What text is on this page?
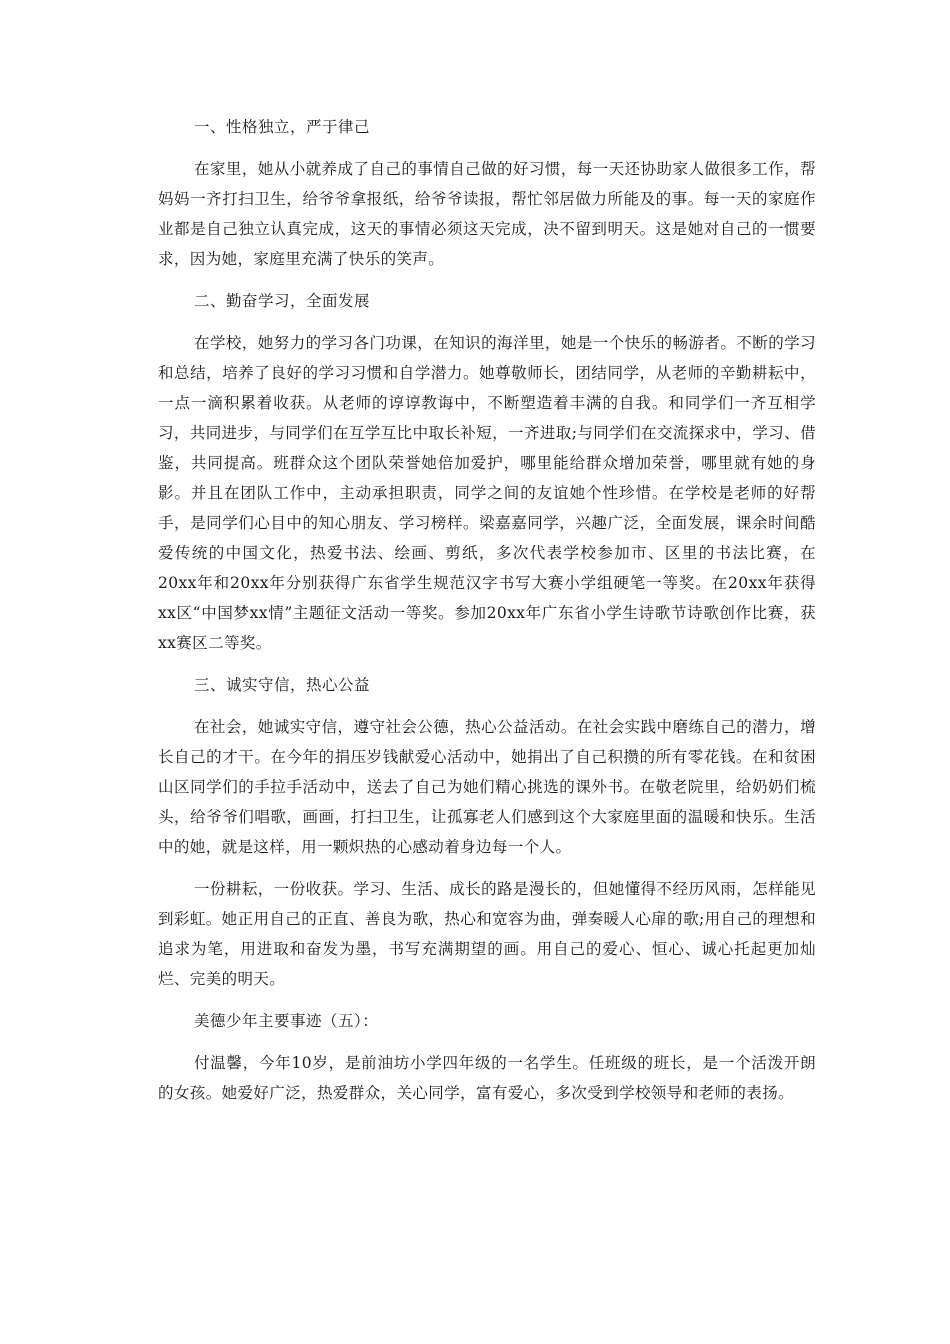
一、性格独立，严于律己

在家里，她从小就养成了自己的事情自己做的好习惯，每一天还协助家人做很多工作，帮妈妈一齐打扫卫生，给爷爷拿报纸，给爷爷读报，帮忙邻居做力所能及的事。每一天的家庭作业都是自己独立认真完成，这天的事情必须这天完成，决不留到明天。这是她对自己的一惯要求，因为她，家庭里充满了快乐的笑声。

二、勤奋学习，全面发展

在学校，她努力的学习各门功课，在知识的海洋里，她是一个快乐的畅游者。不断的学习和总结，培养了良好的学习习惯和自学潜力。她尊敬师长，团结同学，从老师的辛勤耕耘中，一点一滴积累着收获。从老师的谆谆教诲中，不断塑造着丰满的自我。和同学们一齐互相学习，共同进步，与同学们在互学互比中取长补短，一齐进取;与同学们在交流探求中，学习、借鉴，共同提高。班群众这个团队荣誉她倍加爱护，哪里能给群众增加荣誉，哪里就有她的身影。并且在团队工作中，主动承担职责，同学之间的友谊她个性珍惜。在学校是老师的好帮手，是同学们心目中的知心朋友、学习榜样。梁嘉嘉同学，兴趣广泛，全面发展，课余时间酷爱传统的中国文化，热爱书法、绘画、剪纸，多次代表学校参加市、区里的书法比赛，在20xx年和20xx年分别获得广东省学生规范汉字书写大赛小学组硬笔一等奖。在20xx年获得xx区“中国梦xx情”主题征文活动一等奖。参加20xx年广东省小学生诗歌节诗歌创作比赛，获xx赛区二等奖。

三、诚实守信，热心公益

在社会，她诚实守信，遵守社会公德，热心公益活动。在社会实践中磨练自己的潜力，增长自己的才干。在今年的捐压岁钱献爱心活动中，她捐出了自己积攒的所有零花钱。在和贫困山区同学们的手拉手活动中，送去了自己为她们精心挑选的课外书。在敬老院里，给奶奶们梳头，给爷爷们唱歌，画画，打扫卫生，让孤寡老人们感到这个大家庭里面的温暖和快乐。生活中的她，就是这样，用一颗炽热的心感动着身边每一个人。

一份耕耘，一份收获。学习、生活、成长的路是漫长的，但她懂得不经历风雨，怎样能见到彩虹。她正用自己的正直、善良为歌，热心和宽容为曲，弹奏暖人心扉的歌;用自己的理想和追求为笔，用进取和奋发为墨，书写充满期望的画。用自己的爱心、恒心、诚心托起更加灿烂、完美的明天。

美德少年主要事迹（五）：

付温馨，今年10岁，是前油坊小学四年级的一名学生。任班级的班长，是一个活泼开朗的女孩。她爱好广泛，热爱群众，关心同学，富有爱心，多次受到学校领导和老师的表扬。
